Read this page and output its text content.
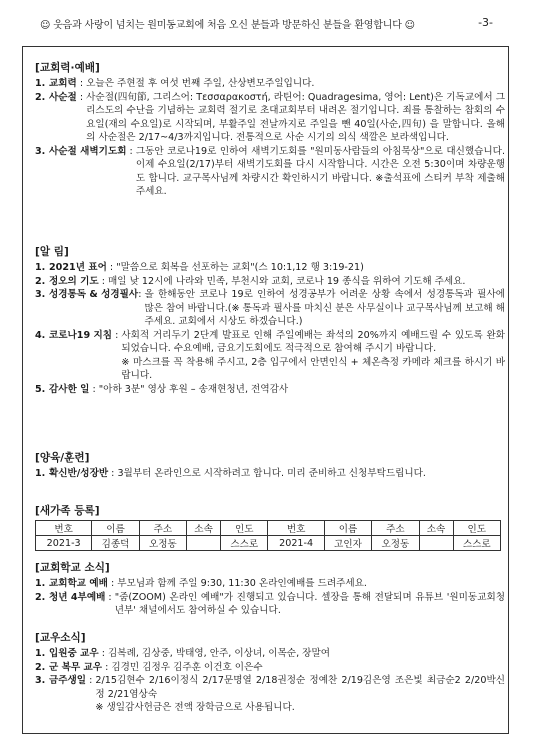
☺ 웃음과 사랑이 넘치는 원미동교회에 처음 오신 분들과 방문하신 분들을 환영합니다 ☺	-3-
[교회력·예배]
1. 교회력 : 오늘은 주현절 후 여섯 번째 주일, 산상변모주일입니다.
2. 사순절 : 사순절(四旬節, 그리스어: Τεσσαρακοστή, 라틴어: Quadragesima, 영어: Lent)은 기독교에서 그리스도의 수난을 기념하는 교회력 절기로 초대교회부터 내려온 절기입니다. 죄를 통찰하는 참회의 수요일(재의 수요일)로 시작되며, 부활주일 전날까지로 주일을 뺀 40일(사순,四旬) 을 말합니다. 올해의 사순절은 2/17~4/3까지입니다. 전통적으로 사순 시기의 의식 색깔은 보라색입니다.
3. 사순절 새벽기도회 : 그동안 코로나19로 인하여 새벽기도회를 "원미동사람들의 아침묵상"으로 대신했습니다. 이제 수요일(2/17)부터 새벽기도회를 다시 시작합니다. 시간은 오전 5:30이며 차량운행도 합니다. 교구목사님께 차량시간 확인하시기 바랍니다. ※출석표에 스티커 부착 제출해 주세요.
[알 림]
1. 2021년 표어 : "말씀으로 회복을 선포하는 교회"(스 10:1,12 행 3:19-21)
2. 정오의 기도 : 매일 낮 12시에 나라와 민족, 부천시와 교회, 코로나 19 종식을 위하여 기도해 주세요.
3. 성경통독 & 성경필사 : 올 한해동안 코로나 19로 인하여 성경공부가 어려운 상황 속에서 성경통독과 필사에 많은 참여 바랍니다.(※ 통독과 필사를 마치신 분은 사무실이나 교구목사님께 보고해 해주세요. 교회에서 시상도 하겠습니다.)
4. 코로나19 지침 : 사회적 거리두기 2단계 발표로 인해 주일예배는 좌석의 20%까지 예배드릴 수 있도록 완화되었습니다. 수요예배, 금요기도회에도 적극적으로 참여해 주시기 바랍니다.
※ 마스크를 꼭 착용해 주시고, 2층 입구에서 안면인식 + 체온측정 카메라 체크를 하시기 바랍니다.
5. 감사한 일 : "아하 3분" 영상 후원 – 송재현청년, 전역감사
[양육/훈련]
1. 확신반/성장반 : 3월부터 온라인으로 시작하려고 합니다. 미리 준비하고 신청부탁드립니다.
[새가족 등록]
번호	이름	주소	소속	인도	번호	이름	주소	소속	인도
2021-3	김종덕	오정동		스스로	2021-4	고인자	오정동		스스로
[교회학교 소식]
1. 교회학교 예배 : 부모님과 함께 주일 9:30, 11:30 온라인예배를 드려주세요.
2. 청년 4부예배 : "줌(ZOOM) 온라인 예배"가 진행되고 있습니다. 셀장을 통해 전달되며 유튜브 '원미동교회청년부' 채널에서도 참여하실 수 있습니다.
[교우소식]
1. 입원중 교우 : 김복례, 김상중, 박태영, 안주, 이상녀, 이목순, 장말여
2. 군 복무 교우 : 김경민 김정우 김주훈 이건호 이은수
3. 금주생일 : 2/15김현수 2/16이정식 2/17문명열 2/18권정순 정예찬 2/19김은영 조은빛 최금순2 2/20박신정 2/21염상숙
※ 생일감사헌금은 전액 장학금으로 사용됩니다.
